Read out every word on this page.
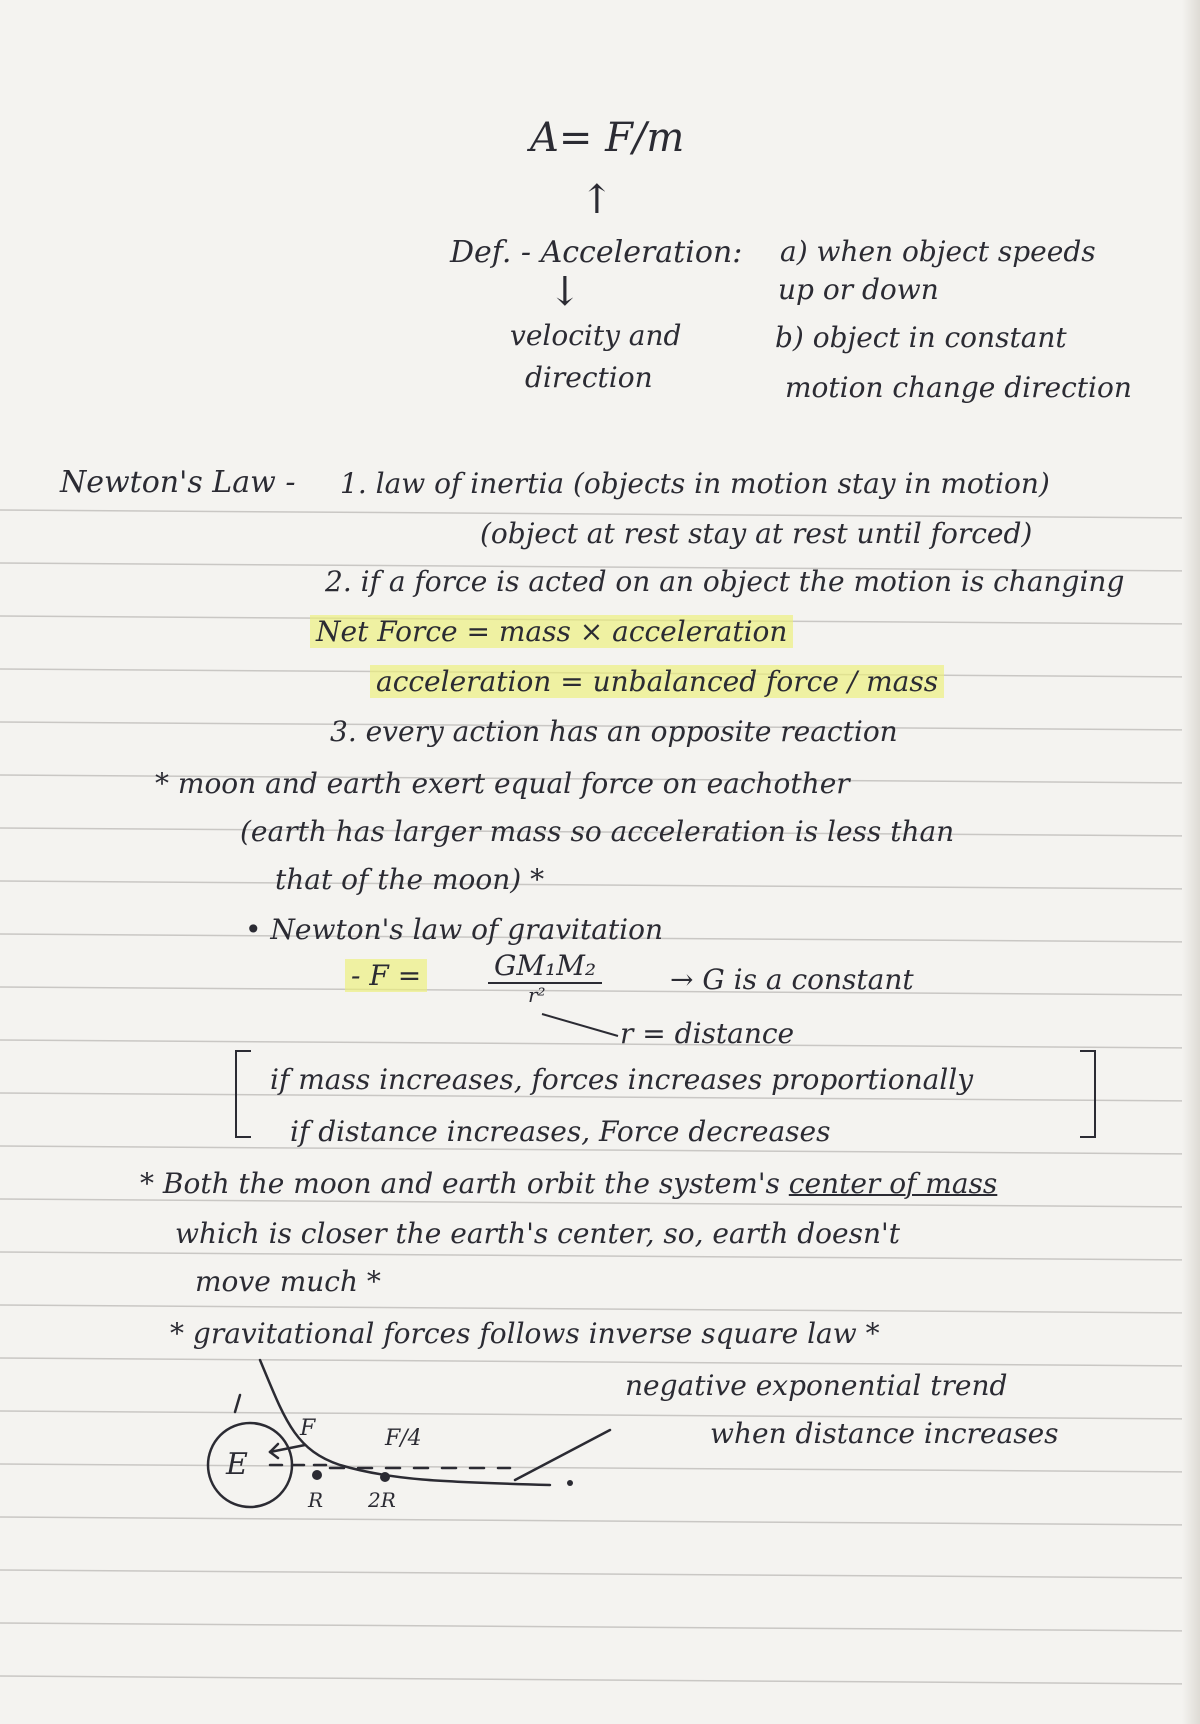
A= F/m
↑
Def. - Acceleration: a) when object speeds
↓	up or down
velocity and	b) object in constant
direction	motion change direction
Newton's Law - 1. law of inertia (objects in motion stay in motion)
(object at rest stay at rest until forced)
2. if a force is acted on an object the motion is changing
Net Force = mass × acceleration
acceleration = unbalanced force / mass
3. every action has an opposite reaction
* moon and earth exert equal force on eachother
(earth has larger mass so acceleration is less than
that of the moon) *
• Newton's law of gravitation
- F =	GM₁M₂
r²	→ G is a constant
r = distance
if mass increases, forces increases proportionally
if distance increases, Force decreases
* Both the moon and earth orbit the system's center of mass
which is closer the earth's center, so, earth doesn't
move much *
* gravitational forces follows inverse square law *
negative exponential trend
when distance increases
E
F	F/4
R 2R
